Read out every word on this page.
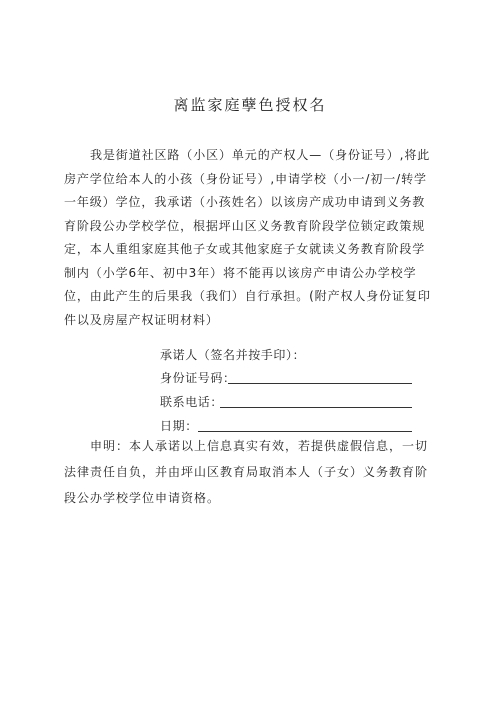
离监家庭孽色授权名

我是街道社区路（小区）单元的产权人—（身份证号）,将此房产学位给本人的小孩（身份证号）,申请学校（小一/初一/转学一年级）学位，我承诺（小孩姓名）以该房产成功申请到义务教育阶段公办学校学位，根据坪山区义务教育阶段学位锁定政策规定，本人重组家庭其他子女或其他家庭子女就读义务教育阶段学制内（小学6年、初中3年）将不能再以该房产申请公办学校学位，由此产生的后果我（我们）自行承担。(附产权人身份证复印件以及房屋产权证明材料）

承诺人（签名并按手印）：
身份证号码：
联系电话：
日期：

申明：本人承诺以上信息真实有效，若提供虚假信息，一切法律责任自负，并由坪山区教育局取消本人（子女）义务教育阶段公办学校学位申请资格。
